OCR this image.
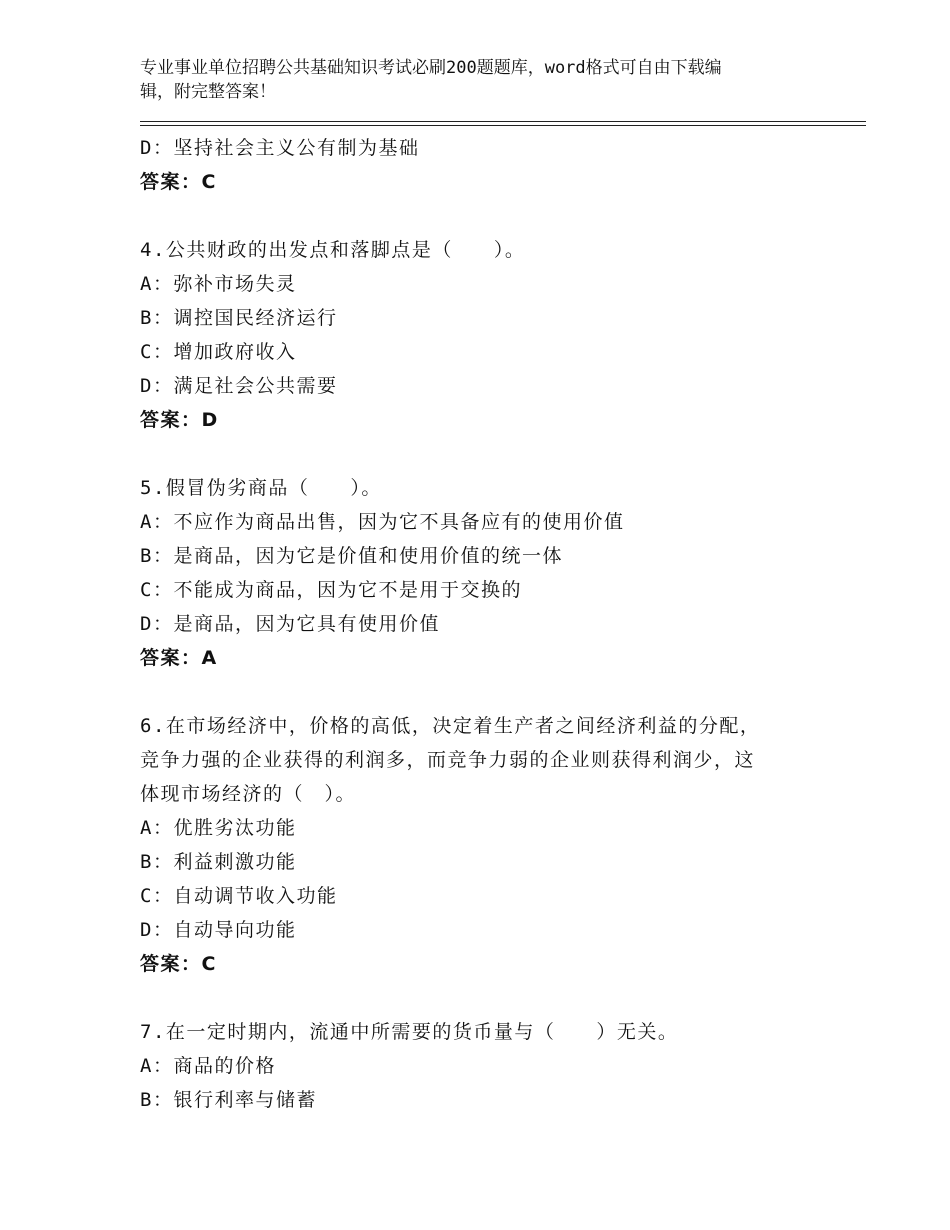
专业事业单位招聘公共基础知识考试必刷200题题库，word格式可自由下载编
辑，附完整答案！
D：坚持社会主义公有制为基础
答案：C
4.公共财政的出发点和落脚点是（　　）。
A：弥补市场失灵
B：调控国民经济运行
C：增加政府收入
D：满足社会公共需要
答案：D
5.假冒伪劣商品（　　）。
A：不应作为商品出售，因为它不具备应有的使用价值
B：是商品，因为它是价值和使用价值的统一体
C：不能成为商品，因为它不是用于交换的
D：是商品，因为它具有使用价值
答案：A
6.在市场经济中，价格的高低，决定着生产者之间经济利益的分配，
竞争力强的企业获得的利润多，而竞争力弱的企业则获得利润少，这
体现市场经济的（　）。
A：优胜劣汰功能
B：利益刺激功能
C：自动调节收入功能
D：自动导向功能
答案：C
7.在一定时期内，流通中所需要的货币量与（　　）无关。
A：商品的价格
B：银行利率与储蓄
